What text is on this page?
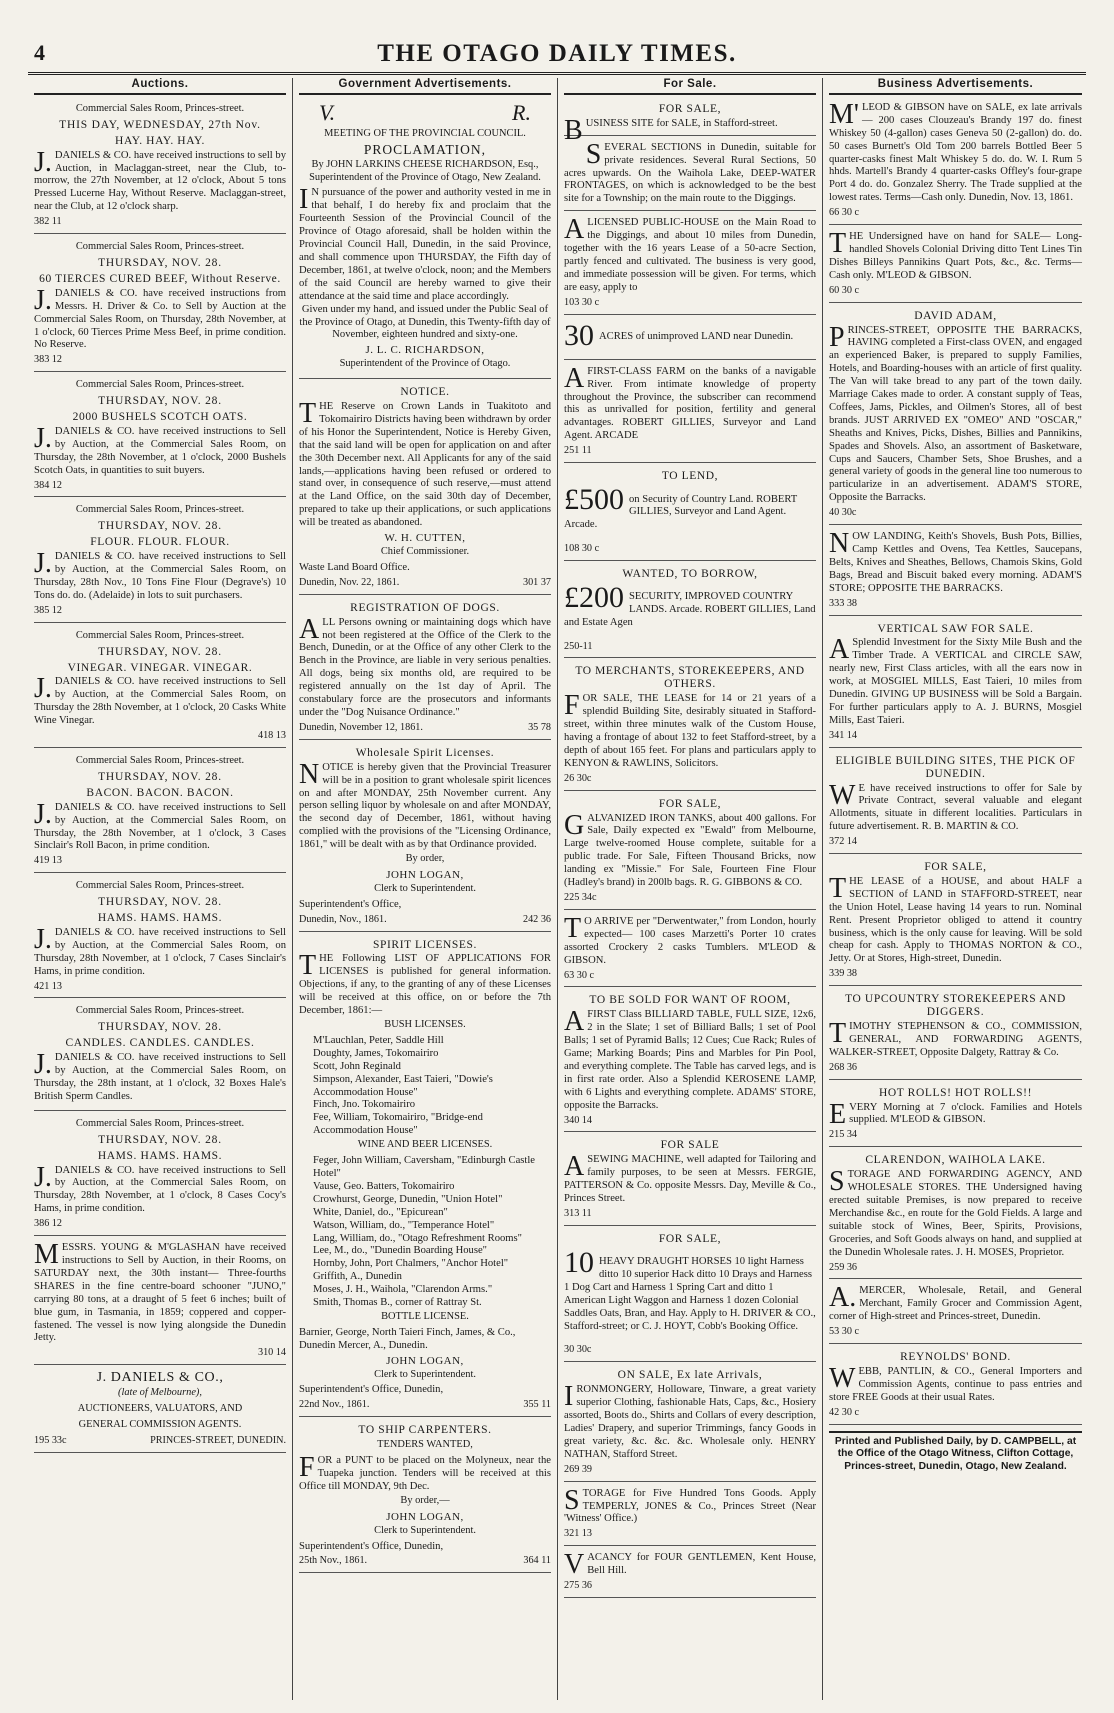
4	THE OTAGO DAILY TIMES.
Auctions.
Commercial Sales Room, Princes-street.
THIS DAY, WEDNESDAY, 27th Nov.
HAY. HAY. HAY.

J.DANIELS & CO. have received instructions to sell by Auction, in Maclaggan-street, near the Club, to-morrow, the 27th November, at 12 o'clock, About 5 tons Pressed Lucerne Hay, Without Reserve. Maclaggan-street, near the Club, at 12 o'clock sharp.

382 11
Commercial Sales Room, Princes-street.
THURSDAY, NOV. 28.
60 TIERCES CURED BEEF, Without Reserve.

J.DANIELS & CO. have received instructions from Messrs. H. Driver & Co. to Sell by Auction at the Commercial Sales Room, on Thursday, 28th November, at 1 o'clock, 60 Tierces Prime Mess Beef, in prime condition. No Reserve.

383 12
Commercial Sales Room, Princes-street.
THURSDAY, NOV. 28.
2000 BUSHELS SCOTCH OATS.

J.DANIELS & CO. have received instructions to Sell by Auction, at the Commercial Sales Room, on Thursday, the 28th November, at 1 o'clock, 2000 Bushels Scotch Oats, in quantities to suit buyers.

384 12
Commercial Sales Room, Princes-street.
THURSDAY, NOV. 28.
FLOUR. FLOUR. FLOUR.

J.DANIELS & CO. have received instructions to Sell by Auction, at the Commercial Sales Room, on Thursday, 28th Nov., 10 Tons Fine Flour (Degrave's) 10 Tons do. do. (Adelaide) in lots to suit purchasers.

385 12
Commercial Sales Room, Princes-street.
THURSDAY, NOV. 28.
VINEGAR. VINEGAR. VINEGAR.

J.DANIELS & CO. have received instructions to Sell by Auction, at the Commercial Sales Room, on Thursday the 28th November, at 1 o'clock, 20 Casks White Wine Vinegar.

418 13
Commercial Sales Room, Princes-street.
THURSDAY, NOV. 28.
BACON. BACON. BACON.

J.DANIELS & CO. have received instructions to Sell by Auction, at the Commercial Sales Room, on Thursday, the 28th November, at 1 o'clock, 3 Cases Sinclair's Roll Bacon, in prime condition.

419 13
Commercial Sales Room, Princes-street.
THURSDAY, NOV. 28.
HAMS. HAMS. HAMS.

J.DANIELS & CO. have received instructions to Sell by Auction, at the Commercial Sales Room, on Thursday, 28th November, at 1 o'clock, 7 Cases Sinclair's Hams, in prime condition.

421 13
Commercial Sales Room, Princes-street.
THURSDAY, NOV. 28.
CANDLES. CANDLES. CANDLES.

J.DANIELS & CO. have received instructions to Sell by Auction, at the Commercial Sales Room, on Thursday, the 28th instant, at 1 o'clock, 32 Boxes Hale's British Sperm Candles.

Commercial Sales Room, Princes-street.
THURSDAY, NOV. 28.
HAMS. HAMS. HAMS.

J.DANIELS & CO. have received instructions to Sell by Auction, at the Commercial Sales Room, on Thursday, 28th November, at 1 o'clock, 8 Cases Cocy's Hams, in prime condition.

386 12

MESSRS. YOUNG & M'GLASHAN have received instructions to Sell by Auction, in their Rooms, on SATURDAY next, the 30th instant— Three-fourths SHARES in the fine centre-board schooner "JUNO," carrying 80 tons, at a draught of 5 feet 6 inches; built of blue gum, in Tasmania, in 1859; coppered and copper-fastened. The vessel is now lying alongside the Dunedin Jetty.

310 14
J. DANIELS & CO.,
(late of Melbourne),
AUCTIONEERS, VALUATORS, AND
GENERAL COMMISSION AGENTS.
195 33c	PRINCES-STREET, DUNEDIN.
Government Advertisements.
V.	R.
MEETING OF THE PROVINCIAL COUNCIL.
PROCLAMATION,
By JOHN LARKINS CHEESE RICHARDSON, Esq., Superintendent of the Province of Otago, New Zealand.

IN pursuance of the power and authority vested in me in that behalf, I do hereby fix and proclaim that the Fourteenth Session of the Provincial Council of the Province of Otago aforesaid, shall be holden within the Provincial Council Hall, Dunedin, in the said Province, and shall commence upon THURSDAY, the Fifth day of December, 1861, at twelve o'clock, noon; and the Members of the said Council are hereby warned to give their attendance at the said time and place accordingly.

Given under my hand, and issued under the Public Seal of the Province of Otago, at Dunedin, this Twenty-fifth day of November, eighteen hundred and sixty-one.

J. L. C. RICHARDSON,
Superintendent of the Province of Otago.
NOTICE.

THE Reserve on Crown Lands in Tuakitoto and Tokomairiro Districts having been withdrawn by order of his Honor the Superintendent, Notice is Hereby Given, that the said land will be open for application on and after the 30th December next. All Applicants for any of the said lands,—applications having been refused or ordered to stand over, in consequence of such reserve,—must attend at the Land Office, on the said 30th day of December, prepared to take up their applications, or such applications will be treated as abandoned.

W. H. CUTTEN,
Chief Commissioner.
Waste Land Board Office.
Dunedin, Nov. 22, 1861.	301 37
REGISTRATION OF DOGS.

ALL Persons owning or maintaining dogs which have not been registered at the Office of the Clerk to the Bench, Dunedin, or at the Office of any other Clerk to the Bench in the Province, are liable in very serious penalties. All dogs, being six months old, are required to be registered annually on the 1st day of April. The constabulary force are the prosecutors and informants under the "Dog Nuisance Ordinance."

Dunedin, November 12, 1861.	35 78
Wholesale Spirit Licenses.

NOTICE is hereby given that the Provincial Treasurer will be in a position to grant wholesale spirit licences on and after MONDAY, 25th November current. Any person selling liquor by wholesale on and after MONDAY, the second day of December, 1861, without having complied with the provisions of the "Licensing Ordinance, 1861," will be dealt with as by that Ordinance provided.

By order,
JOHN LOGAN,
Clerk to Superintendent.
Superintendent's Office,
Dunedin, Nov., 1861.	242 36
SPIRIT LICENSES.

THE Following LIST OF APPLICATIONS FOR LICENSES is published for general information. Objections, if any, to the granting of any of these Licenses will be received at this office, on or before the 7th December, 1861:—

BUSH LICENSES.
M'Lauchlan, Peter, Saddle Hill
Doughty, James, Tokomairiro
Scott, John Reginald
Simpson, Alexander, East Taieri, "Dowie's Accommodation House"
Finch, Jno. Tokomairiro
Fee, William, Tokomairiro, "Bridge-end Accommodation House"
WINE AND BEER LICENSES.
Feger, John William, Caversham, "Edinburgh Castle Hotel"
Vause, Geo. Batters, Tokomairiro
Crowhurst, George, Dunedin, "Union Hotel"
White, Daniel, do., "Epicurean"
Watson, William, do., "Temperance Hotel"
Lang, William, do., "Otago Refreshment Rooms"
Lee, M., do., "Dunedin Boarding House"
Hornby, John, Port Chalmers, "Anchor Hotel"
Griffith, A., Dunedin
Moses, J. H., Waihola, "Clarendon Arms."
Smith, Thomas B., corner of Rattray St.
BOTTLE LICENSE.
Barnier, George, North Taieri Finch, James, & Co., Dunedin Mercer, A., Dunedin.
JOHN LOGAN,
Clerk to Superintendent.
Superintendent's Office, Dunedin,
22nd Nov., 1861.	355 11
TO SHIP CARPENTERS.
TENDERS WANTED,

FOR a PUNT to be placed on the Molyneux, near the Tuapeka junction. Tenders will be received at this Office till MONDAY, 9th Dec.

By order,—
JOHN LOGAN,
Clerk to Superintendent.
Superintendent's Office, Dunedin,
25th Nov., 1861.	364 11
For Sale.
FOR SALE,

BUSINESS SITE for SALE, in Stafford-street.

SEVERAL SECTIONS in Dunedin, suitable for private residences. Several Rural Sections, 50 acres upwards. On the Waihola Lake, DEEP-WATER FRONTAGES, on which is acknowledged to be the best site for a Township; on the main route to the Diggings.

ALICENSED PUBLIC-HOUSE on the Main Road to the Diggings, and about 10 miles from Dunedin, together with the 16 years Lease of a 50-acre Section, partly fenced and cultivated. The business is very good, and immediate possession will be given. For terms, which are easy, apply to

103 30 c
30 ACRES of unimproved LAND near Dunedin.

AFIRST-CLASS FARM on the banks of a navigable River. From intimate knowledge of property throughout the Province, the subscriber can recommend this as unrivalled for position, fertility and general advantages. ROBERT GILLIES, Surveyor and Land Agent. ARCADE

251 11
TO LEND,
£500 on Security of Country Land. ROBERT GILLIES, Surveyor and Land Agent. Arcade.

108 30 c
WANTED, TO BORROW,
£200 SECURITY, IMPROVED COUNTRY LANDS. Arcade. ROBERT GILLIES, Land and Estate Agen

250-11
TO MERCHANTS, STOREKEEPERS, AND OTHERS.

FOR SALE, THE LEASE for 14 or 21 years of a splendid Building Site, desirably situated in Stafford-street, within three minutes walk of the Custom House, having a frontage of about 132 to feet Stafford-street, by a depth of about 165 feet. For plans and particulars apply to KENYON & RAWLINS, Solicitors.

26 30c
FOR SALE,

GALVANIZED IRON TANKS, about 400 gallons. For Sale, Daily expected ex "Ewald" from Melbourne, Large twelve-roomed House complete, suitable for a public trade. For Sale, Fifteen Thousand Bricks, now landing ex "Missie." For Sale, Fourteen Fine Flour (Hadley's brand) in 200lb bags. R. G. GIBBONS & CO.

225 34c

TO ARRIVE per "Derwentwater," from London, hourly expected— 100 cases Marzetti's Porter 10 crates assorted Crockery 2 casks Tumblers. M'LEOD & GIBSON.

63 30 c
TO BE SOLD FOR WANT OF ROOM,

AFIRST Class BILLIARD TABLE, FULL SIZE, 12x6, 2 in the Slate; 1 set of Billiard Balls; 1 set of Pool Balls; 1 set of Pyramid Balls; 12 Cues; Cue Rack; Rules of Game; Marking Boards; Pins and Marbles for Pin Pool, and everything complete. The Table has carved legs, and is in first rate order. Also a Splendid KEROSENE LAMP, with 6 Lights and everything complete. ADAMS' STORE, opposite the Barracks.

340 14
FOR SALE

ASEWING MACHINE, well adapted for Tailoring and family purposes, to be seen at Messrs. FERGIE, PATTERSON & Co. opposite Messrs. Day, Meville & Co., Princes Street.

313 11
FOR SALE,
10 HEAVY DRAUGHT HORSES 10 light Harness ditto 10 superior Hack ditto 10 Drays and Harness 1 Dog Cart and Harness 1 Spring Cart and ditto 1 American Light Waggon and Harness 1 dozen Colonial Saddles Oats, Bran, and Hay. Apply to H. DRIVER & CO., Stafford-street; or C. J. HOYT, Cobb's Booking Office.

30 30c
ON SALE, Ex late Arrivals,

IRONMONGERY, Holloware, Tinware, a great variety superior Clothing, fashionable Hats, Caps, &c., Hosiery assorted, Boots do., Shirts and Collars of every description, Ladies' Drapery, and superior Trimmings, fancy Goods in great variety, &c. &c. &c. Wholesale only. HENRY NATHAN, Stafford Street.

269 39

STORAGE for Five Hundred Tons Goods. Apply TEMPERLY, JONES & Co., Princes Street (Near 'Witness' Office.)

321 13

VACANCY for FOUR GENTLEMEN, Kent House, Bell Hill.

275 36
Business Advertisements.

M'LEOD & GIBSON have on SALE, ex late arrivals— 200 cases Clouzeau's Brandy 197 do. finest Whiskey 50 (4-gallon) cases Geneva 50 (2-gallon) do. do. 50 cases Burnett's Old Tom 200 barrels Bottled Beer 5 quarter-casks finest Malt Whiskey 5 do. do. W. I. Rum 5 hhds. Martell's Brandy 4 quarter-casks Offley's four-grape Port 4 do. do. Gonzalez Sherry. The Trade supplied at the lowest rates. Terms—Cash only. Dunedin, Nov. 13, 1861.

66 30 c

THE Undersigned have on hand for SALE— Long-handled Shovels Colonial Driving ditto Tent Lines Tin Dishes Billeys Pannikins Quart Pots, &c., &c. Terms—Cash only. M'LEOD & GIBSON.

60 30 c
DAVID ADAM,

PRINCES-STREET, OPPOSITE THE BARRACKS, HAVING completed a First-class OVEN, and engaged an experienced Baker, is prepared to supply Families, Hotels, and Boarding-houses with an article of first quality. The Van will take bread to any part of the town daily. Marriage Cakes made to order. A constant supply of Teas, Coffees, Jams, Pickles, and Oilmen's Stores, all of best brands. JUST ARRIVED EX "OMEO" AND "OSCAR," Sheaths and Knives, Picks, Dishes, Billies and Pannikins, Spades and Shovels. Also, an assortment of Basketware, Cups and Saucers, Chamber Sets, Shoe Brushes, and a general variety of goods in the general line too numerous to particularize in an advertisement. ADAM'S STORE, Opposite the Barracks.

40 30c

NOW LANDING, Keith's Shovels, Bush Pots, Billies, Camp Kettles and Ovens, Tea Kettles, Saucepans, Belts, Knives and Sheathes, Bellows, Chamois Skins, Gold Bags, Bread and Biscuit baked every morning. ADAM'S STORE; OPPOSITE THE BARRACKS.

333 38
VERTICAL SAW FOR SALE.

ASplendid Investment for the Sixty Mile Bush and the Timber Trade. A VERTICAL and CIRCLE SAW, nearly new, First Class articles, with all the ears now in work, at MOSGIEL MILLS, East Taieri, 10 miles from Dunedin. GIVING UP BUSINESS will be Sold a Bargain. For further particulars apply to A. J. BURNS, Mosgiel Mills, East Taieri.

341 14
ELIGIBLE BUILDING SITES, THE PICK OF DUNEDIN.

WE have received instructions to offer for Sale by Private Contract, several valuable and elegant Allotments, situate in different localities. Particulars in future advertisement. R. B. MARTIN & CO.

372 14
FOR SALE,

THE LEASE of a HOUSE, and about HALF a SECTION of LAND in STAFFORD-STREET, near the Union Hotel, Lease having 14 years to run. Nominal Rent. Present Proprietor obliged to attend it country business, which is the only cause for leaving. Will be sold cheap for cash. Apply to THOMAS NORTON & CO., Jetty. Or at Stores, High-street, Dunedin.

339 38
TO UPCOUNTRY STOREKEEPERS AND DIGGERS.

TIMOTHY STEPHENSON & CO., COMMISSION, GENERAL, AND FORWARDING AGENTS, WALKER-STREET, Opposite Dalgety, Rattray & Co.

268 36
HOT ROLLS! HOT ROLLS!!

EVERY Morning at 7 o'clock. Families and Hotels supplied. M'LEOD & GIBSON.

215 34
CLARENDON, WAIHOLA LAKE.

STORAGE AND FORWARDING AGENCY, AND WHOLESALE STORES. THE Undersigned having erected suitable Premises, is now prepared to receive Merchandise &c., en route for the Gold Fields. A large and suitable stock of Wines, Beer, Spirits, Provisions, Groceries, and Soft Goods always on hand, and supplied at the Dunedin Wholesale rates. J. H. MOSES, Proprietor.

259 36

A.MERCER, Wholesale, Retail, and General Merchant, Family Grocer and Commission Agent, corner of High-street and Princes-street, Dunedin.

53 30 c
REYNOLDS' BOND.

WEBB, PANTLIN, & CO., General Importers and Commission Agents, continue to pass entries and store FREE Goods at their usual Rates.

42 30 c
Printed and Published Daily, by D. CAMPBELL, at the Office of the Otago Witness, Clifton Cottage, Princes-street, Dunedin, Otago, New Zealand.
